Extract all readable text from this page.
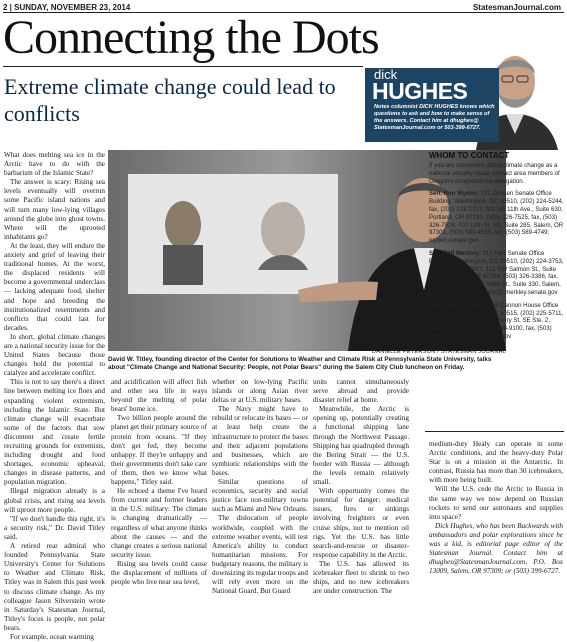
2 | SUNDAY, NOVEMBER 23, 2014	StatesmanJournal.com
Connecting the Dots
Extreme climate change could lead to conflicts
dick
HUGHES
Notes columnist DICK HUGHES knows which questions to ask and how to make sense of the answers. Contact him at dhughes@ StatesmanJournal.com or 503-399-6727.

What does melting sea ice in the Arctic have to do with the barbarism of the Islamic State?

The answer is scary: Rising sea levels eventually will overrun some Pacific island nations and will turn many low-lying villages around the globe into ghost towns. Where will the uprooted inhabitants go?

At the least, they will endure the anxiety and grief of leaving their traditional homes. At the worst, the displaced residents will become a governmental underclass — lacking adequate food, shelter and hope and breeding the institutionalized resentments and conflicts that could last for decades.

In short, global climate changes are a national security issue for the United States because those changes hold the potential to catalyze and accelerate conflict.

This is not to say there's a direct line between melting ice floes and expanding violent extremism, including the Islamic State. But climate change will exacerbate some of the factors that sow discontent and create fertile recruiting grounds for extremists, including drought and food shortages, economic upheaval, changes in disease patterns, and population migration.

Illegal migration already is a global crisis, and rising sea levels will uproot more people.

"If we don't handle this right, it's a security risk," Dr. David Titley said.

A retired rear admiral who founded Pennsylvania State University's Center for Solutions to Weather and Climate Risk, Titley was in Salem this past week to discuss climate change. As my colleague Jason Silverstein wrote in Saturday's Statesman Journal, Titley's focus is people, not polar bears.

For example, ocean warming

DANIELLE PETERSON / STATESMAN JOURNAL
David W. Titley, founding director of the Center for Solutions to Weather and Climate Risk at Pennsylvania State University, talks about "Climate Change and National Security: People, not Polar Bears" during the Salem City Club luncheon on Friday.

and acidification will affect fish and other sea life in ways beyond the melting of polar bears' home ice.

Two billion people around the planet get their primary source of protein from oceans. "If they don't get fed, they become unhappy. If they're unhappy and their governments don't take care of them, then we know what happens," Titley said.

He echoed a theme I've heard from current and former leaders in the U.S. military: The climate is changing dramatically — regardless of what anyone thinks about the causes — and the change creates a serious national security issue.

Rising sea levels could cause the displacement of millions of people who live near sea level,

whether on low-lying Pacific islands or along Asian river deltas or at U.S. military bases.

The Navy might have to rebuild or relocate its bases — or at least help create the infrastructure to protect the bases and their adjacent populations and businesses, which are symbiotic relationships with the bases.

Similar questions of economics, security and social justice face non-military towns such as Miami and New Orleans.

The dislocation of people worldwide, coupled with the extreme weather events, will test America's ability to conduct humanitarian missions. For budgetary reasons, the military is downsizing its regular troops and will rely even more on the National Guard. But Guard

units cannot simultaneously serve abroad and provide disaster relief at home.

Meanwhile, the Arctic is opening up, potentially creating a functional shipping lane through the Northwest Passage. Shipping has quadrupled through the Bering Strait — the U.S. border with Russia — although the levels remain relatively small.

With opportunity comes the potential for danger: medical issues, fires or sinkings involving freighters or even cruise ships, not to mention oil rigs. Yet the U.S. has little search-and-rescue or disaster-response capability in the Arctic.

The U.S. has allowed its icebreaker fleet to shrink to two ships, and no new icebreakers are under construction. The

medium-duty Healy can operate in some Arctic conditions, and the heavy-duty Polar Star is on a mission in the Antarctic. In contrast, Russia has more than 30 icebreakers, with more being built.

Will the U.S. cede the Arctic to Russia in the same way we now depend on Russian rockets to send our astronauts and supplies into space?

Dick Hughes, who has been Backwards with ambassadors and polar explorations since he was a kid, is editorial page editor of the Statesman Journal. Contact him at dhughes@StatesmanJournal.com, P.O. Box 13009, Salem, OR 97309; or (503) 399-6727.

WHOM TO CONTACT

If you are concerned about climate change as a national security issue, contact area members of Oregon's congressional delegation.

Sen. Ron Wyden: 221 Dirksen Senate Office Building, Washington, DC 20510, (202) 224-5244, fax, (202) 228-2717; 911 NE 11th Ave., Suite 630, Portland, OR 97232, (503) 326-7525, fax, (503) 326-7528; 707 13th St. SE, Suite 285, Salem, OR 97301, (503) 589-4555, fax, (503) 589-4749; wyden.senate.gov

Sen. Jeff Merkley: 313 Hart Senate Office Building, Washington, DC 20510, (202) 224-3753, fax, (202) 228-3997; 121 SW Salmon St., Suite 1400, Portland, OR 97204, (503) 326-3386, fax, (503) 326-2900; 495 State St., Suite 330, Salem, OR 97301, (503) 362-8102; merkley.senate.gov

Rep. Kurt Schrader: 108 Cannon House Office Building, Washington, DC 20515, (202) 225-5711, fax, (202) 225-5699; 544 Ferry St. SE Ste. 2, Salem, OR 97301, (503) 588-9100, fax, (503) 588-5517; schrader.house.gov
